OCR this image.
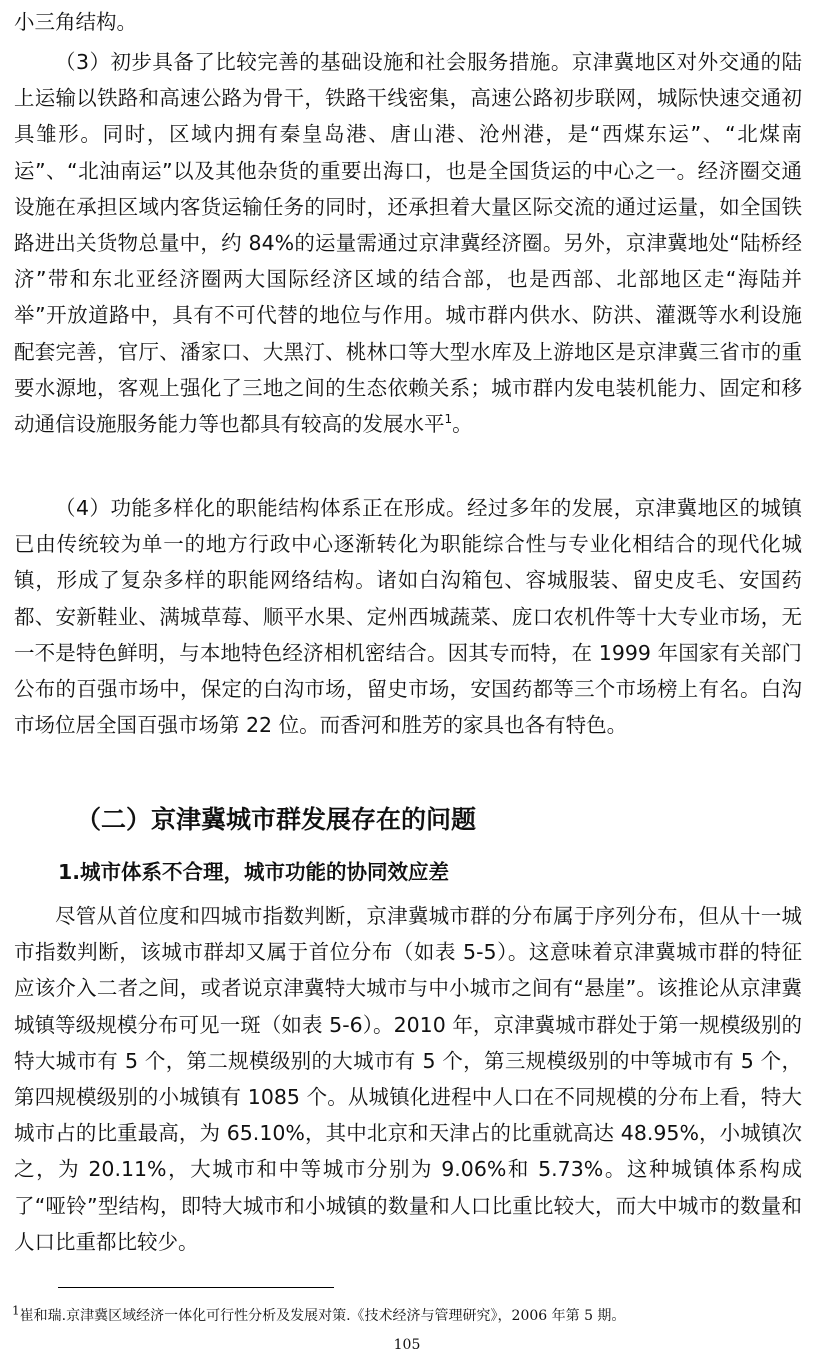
小三角结构。

（3）初步具备了比较完善的基础设施和社会服务措施。京津冀地区对外交通的陆上运输以铁路和高速公路为骨干，铁路干线密集，高速公路初步联网，城际快速交通初具雏形。同时，区域内拥有秦皇岛港、唐山港、沧州港，是“西煤东运”、“北煤南运”、“北油南运”以及其他杂货的重要出海口，也是全国货运的中心之一。经济圈交通设施在承担区域内客货运输任务的同时，还承担着大量区际交流的通过运量，如全国铁路进出关货物总量中，约 84%的运量需通过京津冀经济圈。另外，京津冀地处“陆桥经济”带和东北亚经济圈两大国际经济区域的结合部，也是西部、北部地区走“海陆并举”开放道路中，具有不可代替的地位与作用。城市群内供水、防洪、灌溉等水利设施配套完善，官厅、潘家口、大黑汀、桃林口等大型水库及上游地区是京津冀三省市的重要水源地，客观上强化了三地之间的生态依赖关系；城市群内发电装机能力、固定和移动通信设施服务能力等也都具有较高的发展水平$^1$。

（4）功能多样化的职能结构体系正在形成。经过多年的发展，京津冀地区的城镇已由传统较为单一的地方行政中心逐渐转化为职能综合性与专业化相结合的现代化城镇，形成了复杂多样的职能网络结构。诸如白沟箱包、容城服装、留史皮毛、安国药都、安新鞋业、满城草莓、顺平水果、定州西城蔬菜、庞口农机件等十大专业市场，无一不是特色鲜明，与本地特色经济相机密结合。因其专而特，在 1999 年国家有关部门公布的百强市场中，保定的白沟市场，留史市场，安国药都等三个市场榜上有名。白沟市场位居全国百强市场第 22 位。而香河和胜芳的家具也各有特色。

（二）京津冀城市群发展存在的问题
1.城市体系不合理，城市功能的协同效应差

尽管从首位度和四城市指数判断，京津冀城市群的分布属于序列分布，但从十一城市指数判断，该城市群却又属于首位分布（如表 5-5）。这意味着京津冀城市群的特征应该介入二者之间，或者说京津冀特大城市与中小城市之间有“悬崖”。该推论从京津冀城镇等级规模分布可见一斑（如表 5-6）。2010 年，京津冀城市群处于第一规模级别的特大城市有 5 个，第二规模级别的大城市有 5 个，第三规模级别的中等城市有 5 个，第四规模级别的小城镇有 1085 个。从城镇化进程中人口在不同规模的分布上看，特大城市占的比重最高，为 65.10%，其中北京和天津占的比重就高达 48.95%，小城镇次之，为 20.11%，大城市和中等城市分别为 9.06%和 5.73%。这种城镇体系构成了“哑铃”型结构，即特大城市和小城镇的数量和人口比重比较大，而大中城市的数量和人口比重都比较少。

$^1$崔和瑞.京津冀区域经济一体化可行性分析及发展对策.《技术经济与管理研究》，2006 年第 5 期。

105
